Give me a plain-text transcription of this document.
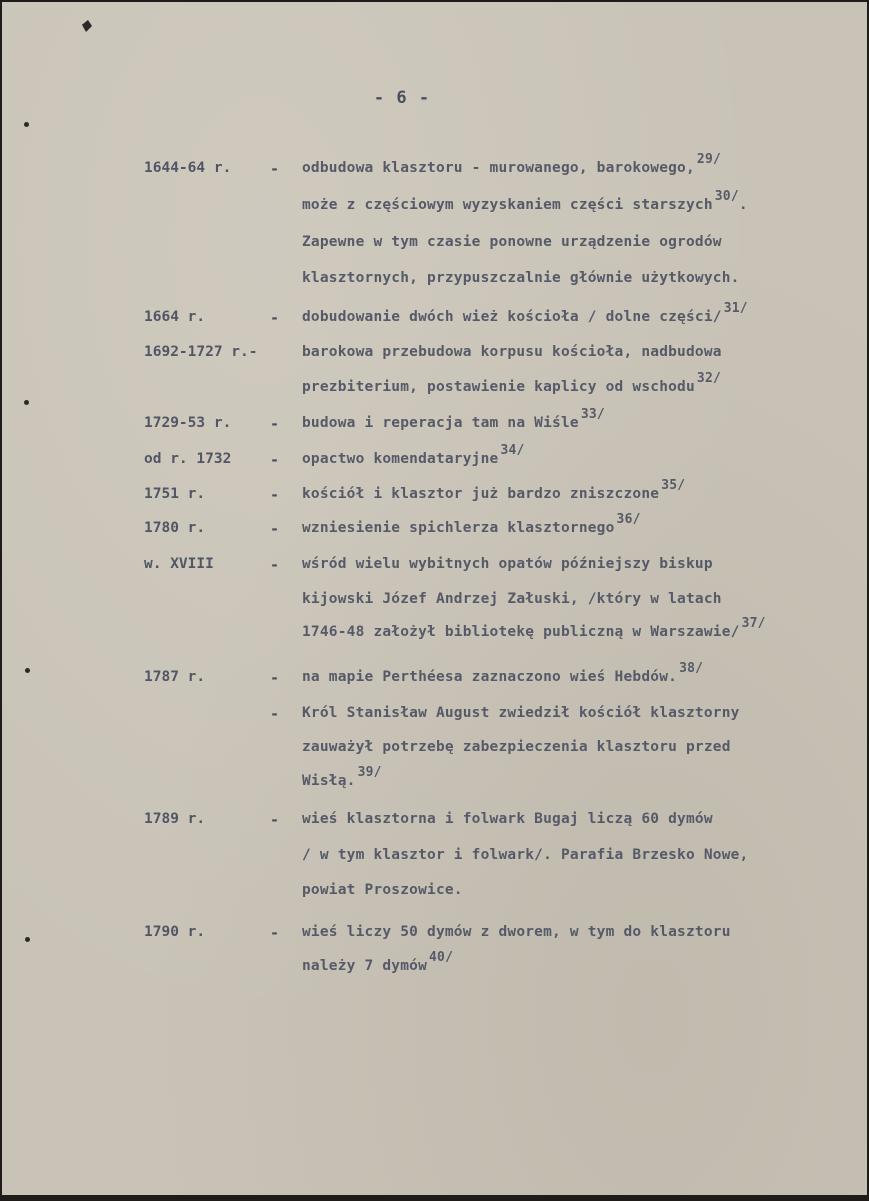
- 6 -
1644-64 r.	- odbudowa klasztoru - murowanego, barokowego,29/
może z częściowym wyzyskaniem części starszych30/.
Zapewne w tym czasie ponowne urządzenie ogrodów
klasztornych, przypuszczalnie głównie użytkowych.
1664 r.	- dobudowanie dwóch wież kościoła / dolne części/31/
1692-1727 r.-	barokowa przebudowa korpusu kościoła, nadbudowa
prezbiterium, postawienie kaplicy od wschodu32/
1729-53 r.	- budowa i reperacja tam na Wiśle33/
od r. 1732	- opactwo komendataryjne34/
1751 r.	- kościół i klasztor już bardzo zniszczone35/
1780 r.	- wzniesienie spichlerza klasztornego36/
w. XVIII	- wśród wielu wybitnych opatów późniejszy biskup
kijowski Józef Andrzej Załuski, /który w latach
1746-48 założył bibliotekę publiczną w Warszawie/37/
1787 r.	- na mapie Perthéesa zaznaczono wieś Hebdów.38/
- Król Stanisław August zwiedził kościół klasztorny
zauważył potrzebę zabezpieczenia klasztoru przed
Wisłą.39/
1789 r.	- wieś klasztorna i folwark Bugaj liczą 60 dymów
/ w tym klasztor i folwark/. Parafia Brzesko Nowe,
powiat Proszowice.
1790 r.	- wieś liczy 50 dymów z dworem, w tym do klasztoru
należy 7 dymów40/
